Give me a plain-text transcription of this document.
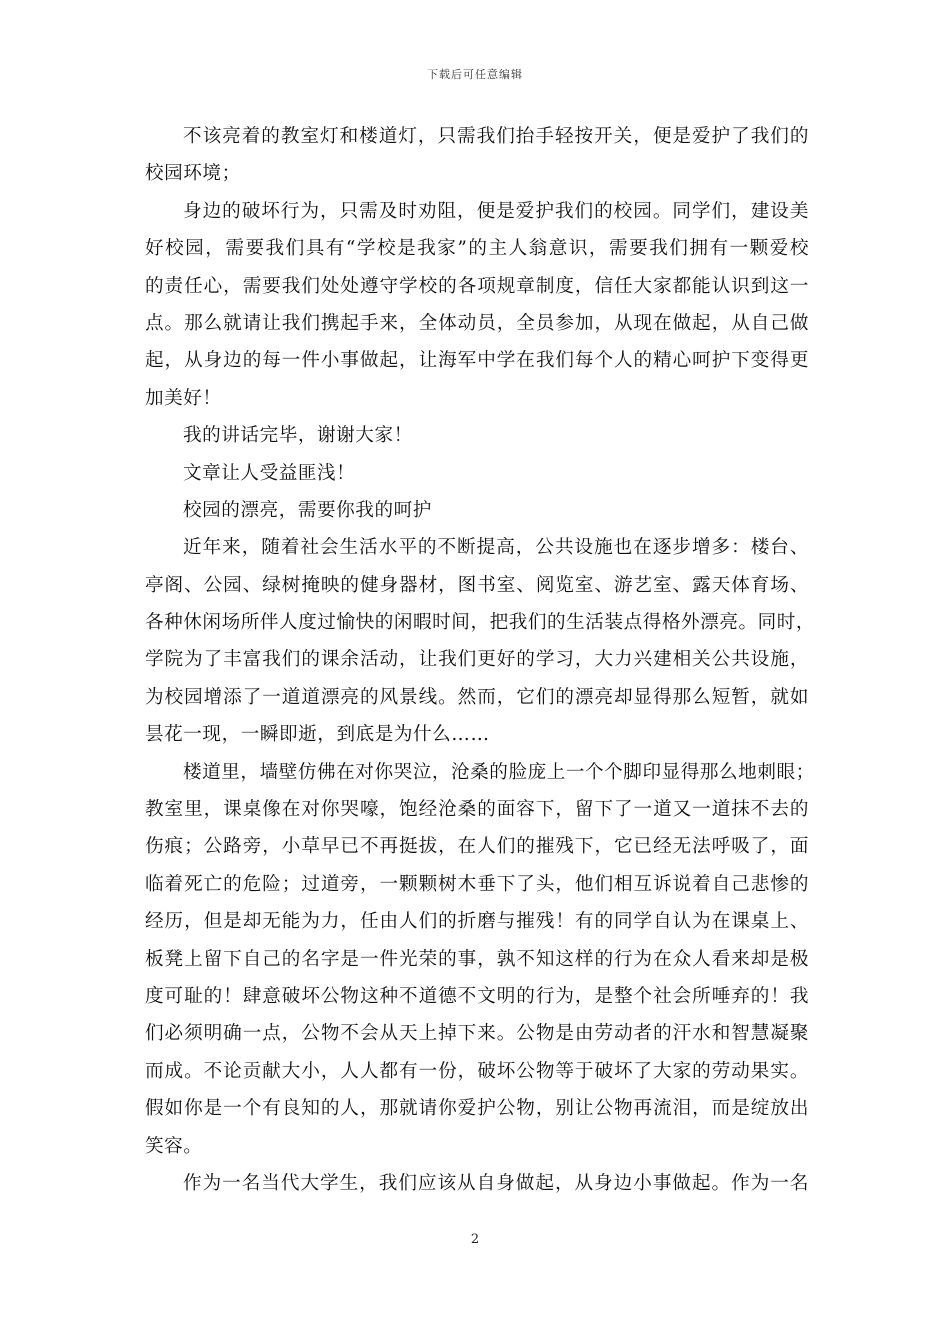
下载后可任意编辑
不该亮着的教室灯和楼道灯，只需我们抬手轻按开关，便是爱护了我们的
校园环境；
身边的破坏行为，只需及时劝阻，便是爱护我们的校园。同学们，建设美
好校园，需要我们具有“学校是我家”的主人翁意识，需要我们拥有一颗爱校
的责任心，需要我们处处遵守学校的各项规章制度，信任大家都能认识到这一
点。那么就请让我们携起手来，全体动员，全员参加，从现在做起，从自己做
起，从身边的每一件小事做起，让海军中学在我们每个人的精心呵护下变得更
加美好！
我的讲话完毕，谢谢大家！
文章让人受益匪浅！
校园的漂亮，需要你我的呵护
近年来，随着社会生活水平的不断提高，公共设施也在逐步增多：楼台、
亭阁、公园、绿树掩映的健身器材，图书室、阅览室、游艺室、露天体育场、
各种休闲场所伴人度过愉快的闲暇时间，把我们的生活装点得格外漂亮。同时，
学院为了丰富我们的课余活动，让我们更好的学习，大力兴建相关公共设施，
为校园增添了一道道漂亮的风景线。然而，它们的漂亮却显得那么短暂，就如
昙花一现，一瞬即逝，到底是为什么……
楼道里，墙壁仿佛在对你哭泣，沧桑的脸庞上一个个脚印显得那么地刺眼；
教室里，课桌像在对你哭嚎，饱经沧桑的面容下，留下了一道又一道抹不去的
伤痕；公路旁，小草早已不再挺拔，在人们的摧残下，它已经无法呼吸了，面
临着死亡的危险；过道旁，一颗颗树木垂下了头，他们相互诉说着自己悲惨的
经历，但是却无能为力，任由人们的折磨与摧残！有的同学自认为在课桌上、
板凳上留下自己的名字是一件光荣的事，孰不知这样的行为在众人看来却是极
度可耻的！肆意破坏公物这种不道德不文明的行为，是整个社会所唾弃的！我
们必须明确一点，公物不会从天上掉下来。公物是由劳动者的汗水和智慧凝聚
而成。不论贡献大小，人人都有一份，破坏公物等于破坏了大家的劳动果实。
假如你是一个有良知的人，那就请你爱护公物，别让公物再流泪，而是绽放出
笑容。
作为一名当代大学生，我们应该从自身做起，从身边小事做起。作为一名
2
